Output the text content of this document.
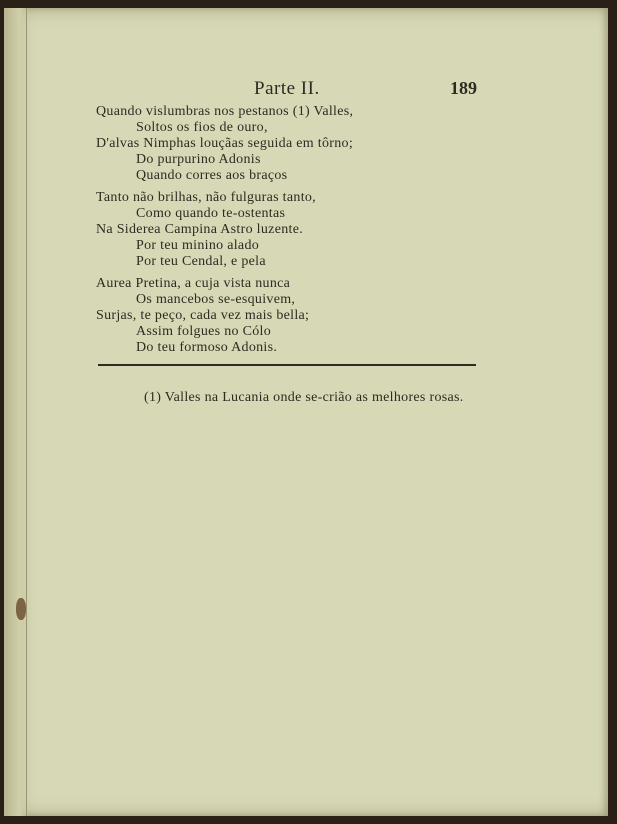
Parte II.	189
Quando vislumbras nos pestanos (1) Valles,
Soltos os fios de ouro,
D'alvas Nimphas louçãas seguida em tôrno;
Do purpurino Adonis
Quando corres aos braços
Tanto não brilhas, não fulguras tanto,
Como quando te-ostentas
Na Siderea Campina Astro luzente.
Por teu minino alado
Por teu Cendal, e pela
Aurea Pretina, a cuja vista nunca
Os mancebos se-esquivem,
Surjas, te peço, cada vez mais bella;
Assim folgues no Cólo
Do teu formoso Adonis.
(1) Valles na Lucania onde se-crião as melhores rosas.
